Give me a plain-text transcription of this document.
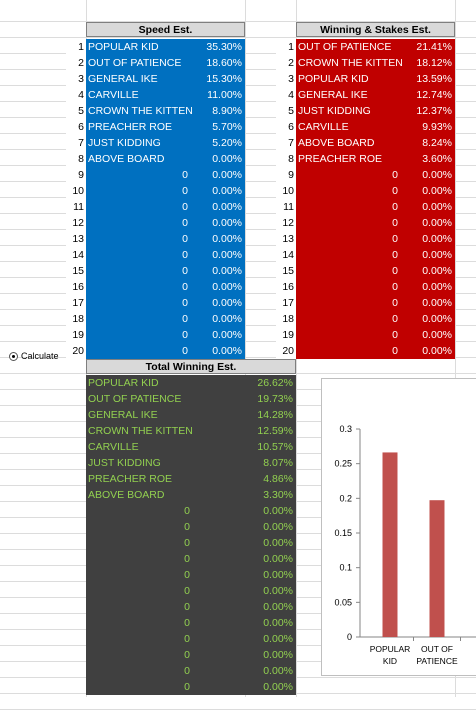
Speed Est.
1 POPULAR KID	35.30%
2 OUT OF PATIENCE	18.60%
3 GENERAL IKE	15.30%
4 CARVILLE	11.00%
5 CROWN THE KITTEN	8.90%
6 PREACHER ROE	5.70%
7 JUST KIDDING	5.20%
8 ABOVE BOARD	0.00%
9	0	0.00%
10	0	0.00%
11	0	0.00%
12	0	0.00%
13	0	0.00%
14	0	0.00%
15	0	0.00%
16	0	0.00%
17	0	0.00%
18	0	0.00%
19	0	0.00%
20	0	0.00%
Winning & Stakes Est.
1 OUT OF PATIENCE	21.41%
2 CROWN THE KITTEN	18.12%
3 POPULAR KID	13.59%
4 GENERAL IKE	12.74%
5 JUST KIDDING	12.37%
6 CARVILLE	9.93%
7 ABOVE BOARD	8.24%
8 PREACHER ROE	3.60%
9	0	0.00%
10	0	0.00%
11	0	0.00%
12	0	0.00%
13	0	0.00%
14	0	0.00%
15	0	0.00%
16	0	0.00%
17	0	0.00%
18	0	0.00%
19	0	0.00%
20	0	0.00%
Total Winning Est.
POPULAR KID	26.62%
OUT OF PATIENCE	19.73%
GENERAL IKE	14.28%
CROWN THE KITTEN	12.59%
CARVILLE	10.57%
JUST KIDDING	8.07%
PREACHER ROE	4.86%
ABOVE BOARD	3.30%
0	0.00%
0	0.00%
0	0.00%
0	0.00%
0	0.00%
0	0.00%
0	0.00%
0	0.00%
0	0.00%
0	0.00%
0	0.00%
0	0.00%
Calculate
0
0.05
0.1
0.15
0.2
0.25
0.3
POPULAR KID
OUT OF PATIENCE
